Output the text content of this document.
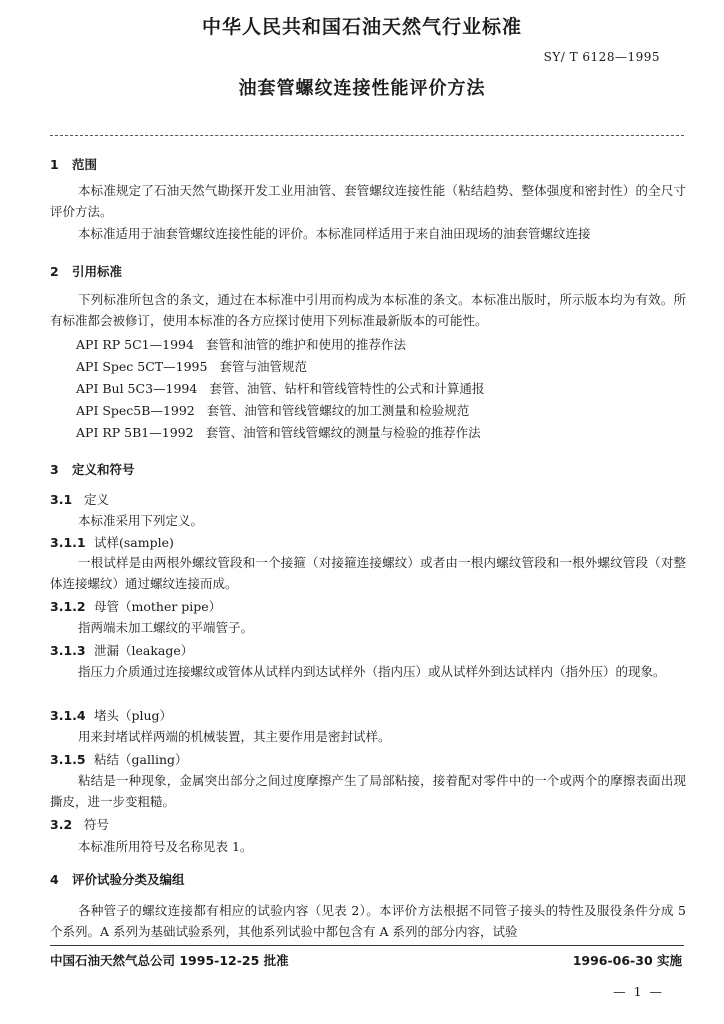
中华人民共和国石油天然气行业标准
SY/ T 6128—1995
油套管螺纹连接性能评价方法
1 范围

本标准规定了石油天然气勘探开发工业用油管、套管螺纹连接性能（粘结趋势、整体强度和密封性）的全尺寸评价方法。

本标准适用于油套管螺纹连接性能的评价。本标准同样适用于来自油田现场的油套管螺纹连接

2 引用标准

下列标准所包含的条文，通过在本标准中引用而构成为本标准的条文。本标准出版时，所示版本均为有效。所有标准都会被修订，使用本标准的各方应探讨使用下列标准最新版本的可能性。

API RP 5C1—1994 套管和油管的维护和使用的推荐作法
API Spec 5CT—1995 套管与油管规范
API Bul 5C3—1994 套管、油管、钻杆和管线管特性的公式和计算通报
API Spec5B—1992 套管、油管和管线管螺纹的加工测量和检验规范
API RP 5B1—1992 套管、油管和管线管螺纹的测量与检验的推荐作法
3 定义和符号
3.1 定义

本标准采用下列定义。

3.1.1 试样(sample)

一根试样是由两根外螺纹管段和一个接箍（对接箍连接螺纹）或者由一根内螺纹管段和一根外螺纹管段（对整体连接螺纹）通过螺纹连接而成。

3.1.2 母管（mother pipe）

指两端未加工螺纹的平端管子。

3.1.3 泄漏（leakage）

指压力介质通过连接螺纹或管体从试样内到达试样外（指内压）或从试样外到达试样内（指外压）的现象。

3.1.4 堵头（plug）

用来封堵试样两端的机械装置，其主要作用是密封试样。

3.1.5 粘结（galling）

粘结是一种现象，金属突出部分之间过度摩擦产生了局部粘接，接着配对零件中的一个或两个的摩擦表面出现撕皮，进一步变粗糙。

3.2 符号

本标准所用符号及名称见表 1。

4 评价试验分类及编组

各种管子的螺纹连接都有相应的试验内容（见表 2）。本评价方法根据不同管子接头的特性及服役条件分成 5 个系列。A 系列为基础试验系列，其他系列试验中都包含有 A 系列的部分内容，试验

中国石油天然气总公司 1995-12-25 批准	1996-06-30 实施
— 1 —
